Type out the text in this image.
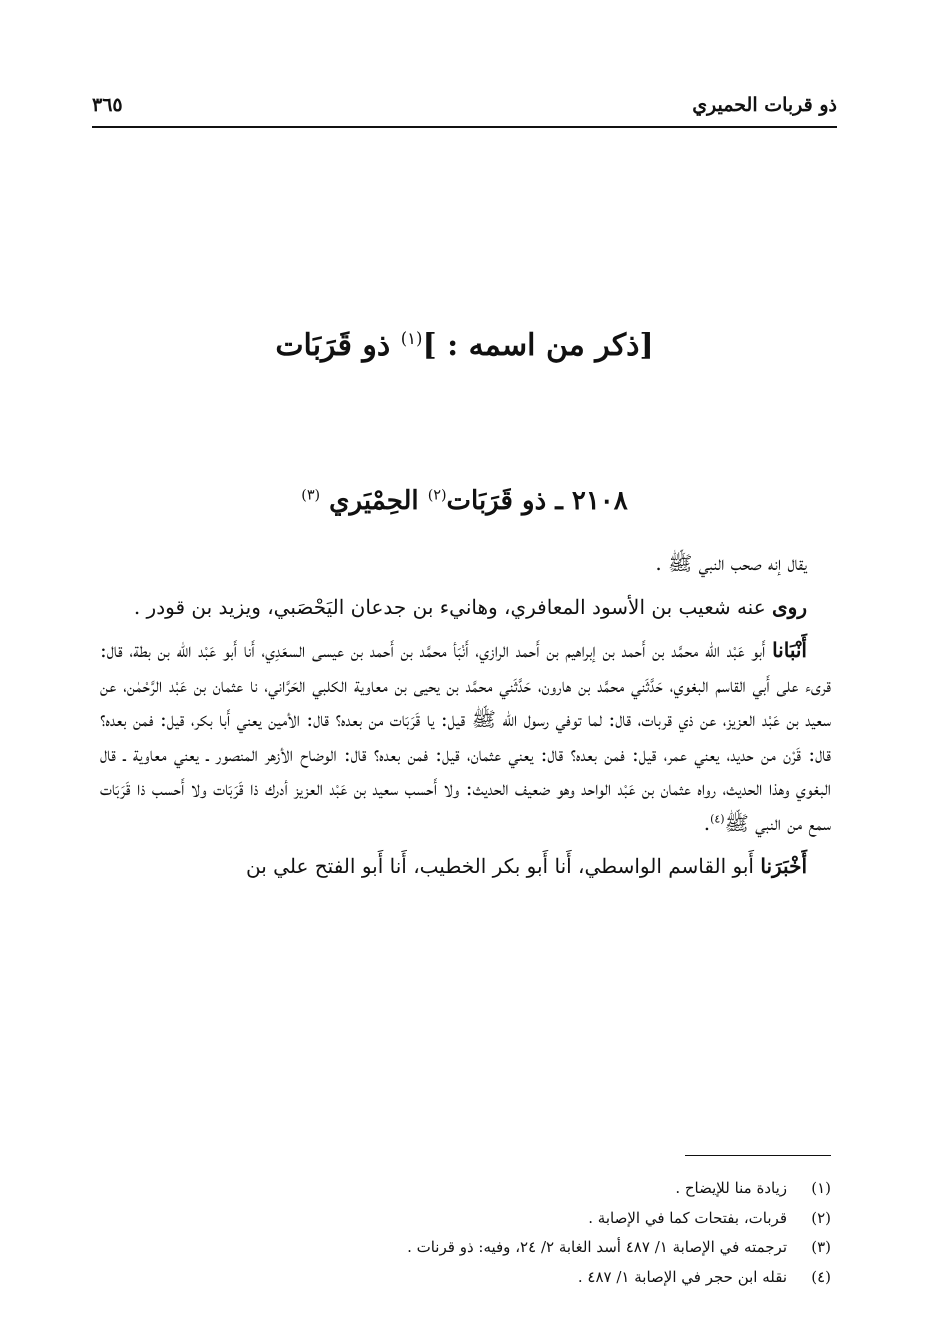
ذو قربات الحميري
٣٦٥
[ذكر من اسمه : ]$^{(١)}$ ذو قَرَبَات
٢١٠٨ ـ ذو قَرَبَات$^{(٢)}$ الحِمْيَري $^{(٣)}$

يقال إنه صحب النبي ﷺ .

روى عنه شعيب بن الأسود المعافري، وهانيء بن جدعان اليَحْصَبي، ويزيد بن قودر .

أَنْبَانا أَبو عَبْد اللّه محمَّد بن أَحمد بن إبراهيم بن أَحمد الرازي، أَنْبَأ محمَّد بن أَحمد بن عيسى السعَدِي، أَنا أَبو عَبْد اللّه بن بطة، قال: قرىء على أَبي القاسم البغوي، حَدَّثَني محمَّد بن هارون، حَدَّثَني محمَّد بن يحيى بن معاوية الكلبي الحَرَّاني، نا عثمان بن عَبْد الرَّحْمٰن، عن سعيد بن عَبْد العزيز، عن ذي قربات، قال: لما توفي رسول اللّه ﷺ قيل: يا قَرَبَات من بعده؟ قال: الأمين يعني أَبا بكر، قيل: فمن بعده؟ قال: قَرْن من حديد، يعني عمر، قيل: فمن بعده؟ قال: يعني عثمان، قيل: فمن بعده؟ قال: الوضاح الأزهر المنصور ـ يعني معاوية ـ قال البغوي وهذا الحديث، رواه عثمان بن عَبْد الواحد وهو ضعيف الحديث: ولا أَحسب سعيد بن عَبْد العزيز أدرك ذا قَرَبَات ولا أَحسب ذا قَرَبَات سمع من النبي ﷺ$^{(٤)}$.

أَخْبَرَنا أَبو القاسم الواسطي، أَنا أَبو بكر الخطيب، أَنا أَبو الفتح علي بن

(١)
زيادة منا للإيضاح .
(٢)
قربات، بفتحات كما في الإصابة .
(٣)
ترجمته في الإصابة ١/ ٤٨٧ أسد الغابة ٢/ ٢٤، وفيه: ذو قرنات .
(٤)
نقله ابن حجر في الإصابة ١/ ٤٨٧ .
